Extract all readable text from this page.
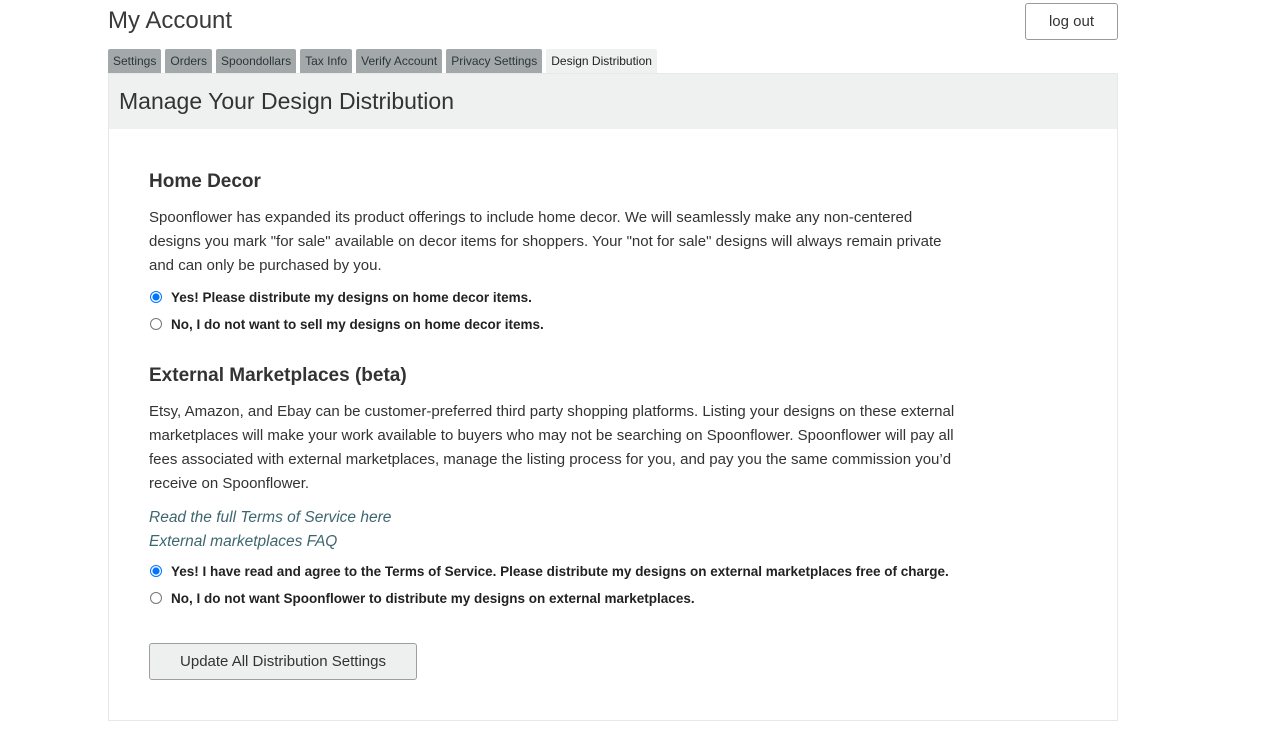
My Account	log out
Settings	Orders	Spoondollars	Tax Info	Verify Account	Privacy Settings	Design Distribution
Manage Your Design Distribution
Home Decor

Spoonflower has expanded its product offerings to include home decor. We will seamlessly make any non-centered designs you mark "for sale" available on decor items for shoppers. Your "not for sale" designs will always remain private and can only be purchased by you.

Yes! Please distribute my designs on home decor items.
No, I do not want to sell my designs on home decor items.
External Marketplaces (beta)

Etsy, Amazon, and Ebay can be customer-preferred third party shopping platforms. Listing your designs on these external marketplaces will make your work available to buyers who may not be searching on Spoonflower. Spoonflower will pay all fees associated with external marketplaces, manage the listing process for you, and pay you the same commission you’d receive on Spoonflower.

Read the full Terms of Service here
External marketplaces FAQ
Yes! I have read and agree to the Terms of Service. Please distribute my designs on external marketplaces free of charge.
No, I do not want Spoonflower to distribute my designs on external marketplaces.
Update All Distribution Settings
